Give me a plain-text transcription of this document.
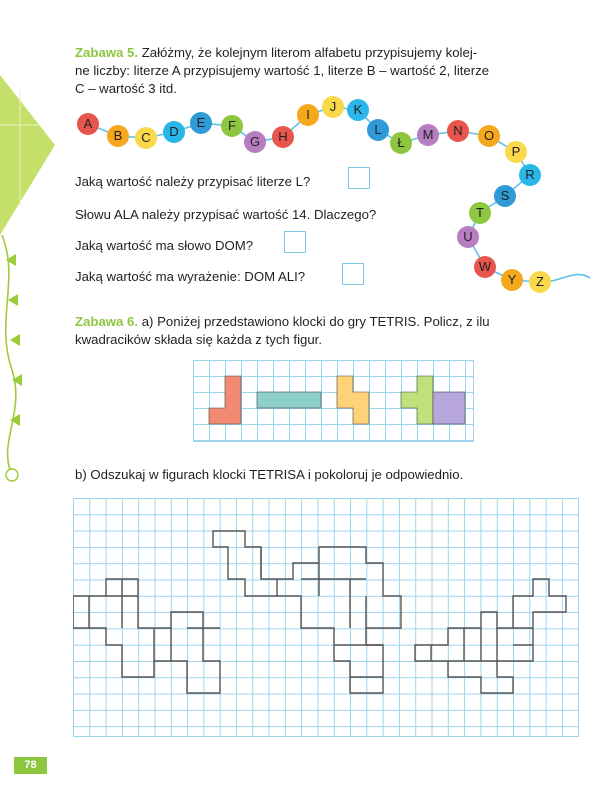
Zabawa 5. Załóżmy, że kolejnym literom alfabetu przypisujemy kolej-
ne liczby: literze A przypisujemy wartość 1, literze B – wartość 2, literze
C – wartość 3 itd.

A
B	C	D
E	F
G	H
I
J	K
L
Ł
M	N	O
P
R
S
T
U
W
Y	Z
Jaką wartość należy przypisać literze L?
Słowu ALA należy przypisać wartość 14. Dlaczego?
Jaką wartość ma słowo DOM?
Jaką wartość ma wyrażenie: DOM ALI?

Zabawa 6. a) Poniżej przedstawiono klocki do gry TETRIS. Policz, z ilu
kwadracików składa się każda z tych figur.

b) Odszukaj w figurach klocki TETRISA i pokoloruj je odpowiednio.
78
